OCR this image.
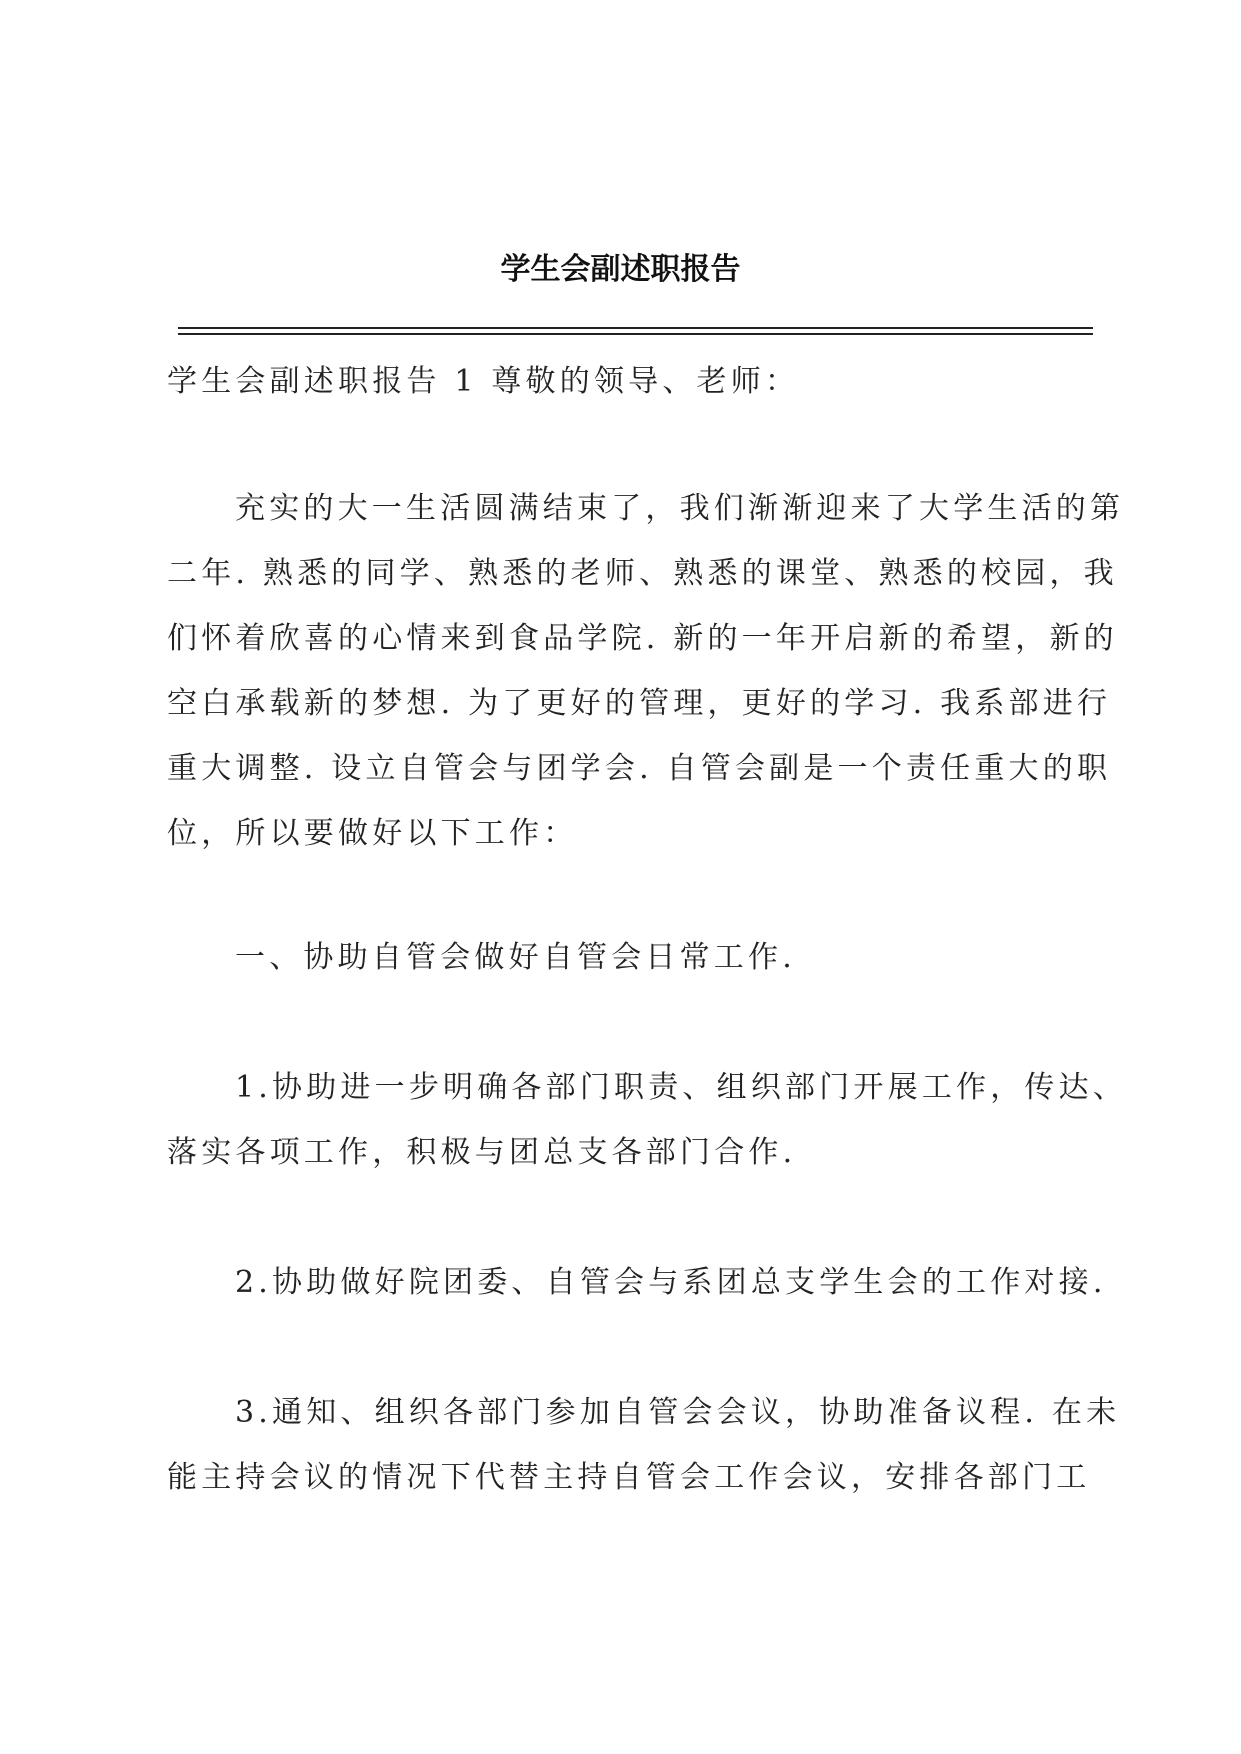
学生会副述职报告

学生会副述职报告 1 尊敬的领导、老师：

充实的大一生活圆满结束了，我们渐渐迎来了大学生活的第
二年. 熟悉的同学、熟悉的老师、熟悉的课堂、熟悉的校园，我
们怀着欣喜的心情来到食品学院. 新的一年开启新的希望，新的
空白承载新的梦想. 为了更好的管理，更好的学习. 我系部进行
重大调整. 设立自管会与团学会. 自管会副是一个责任重大的职
位，所以要做好以下工作：

一、协助自管会做好自管会日常工作.

1.协助进一步明确各部门职责、组织部门开展工作，传达、
落实各项工作，积极与团总支各部门合作.

2.协助做好院团委、自管会与系团总支学生会的工作对接.

3.通知、组织各部门参加自管会会议，协助准备议程. 在未
能主持会议的情况下代替主持自管会工作会议，安排各部门工
